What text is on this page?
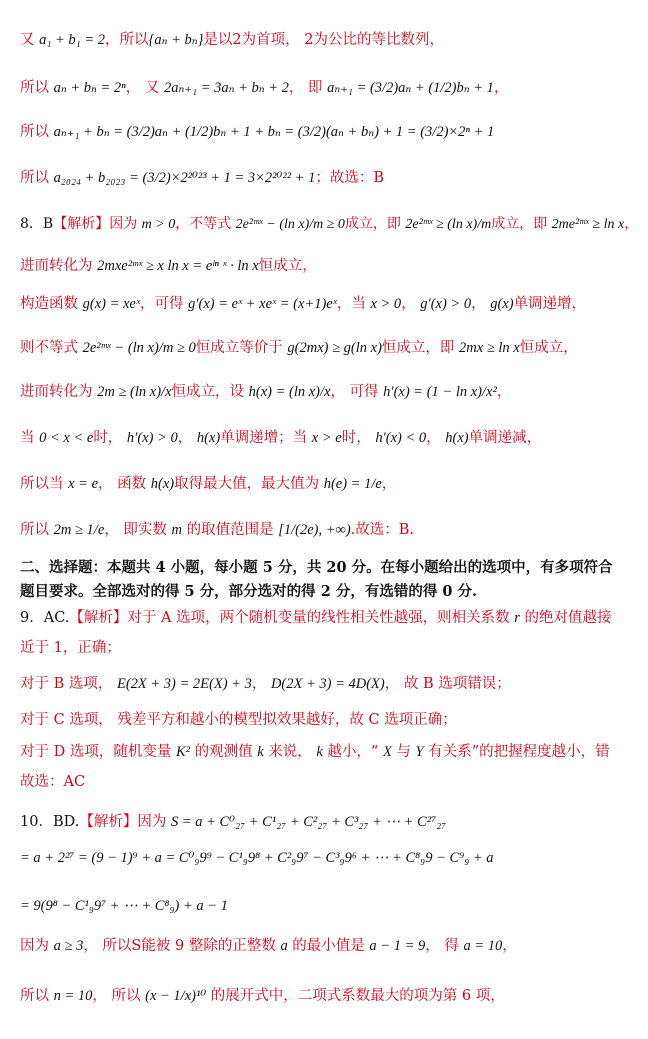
又 a₁ + b₁ = 2，所以{aₙ + bₙ}是以2为首项， 2为公比的等比数列，
所以 aₙ + bₙ = 2ⁿ， 又 2aₙ₊₁ = 3aₙ + bₙ + 2， 即 aₙ₊₁ = (3/2)aₙ + (1/2)bₙ + 1，
所以 aₙ₊₁ + bₙ = (3/2)aₙ + (1/2)bₙ + 1 + bₙ = (3/2)(aₙ + bₙ) + 1 = (3/2)×2ⁿ + 1
所以 a₂₀₂₄ + b₂₀₂₃ = (3/2)×2²⁰²³ + 1 = 3×2²⁰²² + 1；故选：B
8．B【解析】因为 m > 0，不等式 2e²ᵐˣ − (ln x)/m ≥ 0成立，即 2e²ᵐˣ ≥ (ln x)/m成立，即 2me²ᵐˣ ≥ ln x，
进而转化为 2mxe²ᵐˣ ≥ x ln x = eˡⁿ ˣ · ln x恒成立，
构造函数 g(x) = xeˣ，可得 g′(x) = eˣ + xeˣ = (x+1)eˣ，当 x > 0， g′(x) > 0， g(x)单调递增，
则不等式 2e²ᵐˣ − (ln x)/m ≥ 0恒成立等价于 g(2mx) ≥ g(ln x)恒成立，即 2mx ≥ ln x恒成立，
进而转化为 2m ≥ (ln x)/x恒成立，设 h(x) = (ln x)/x， 可得 h′(x) = (1 − ln x)/x²，
当 0 < x < e时， h′(x) > 0， h(x)单调递增；当 x > e时， h′(x) < 0， h(x)单调递减，
所以当 x = e， 函数 h(x)取得最大值，最大值为 h(e) = 1/e，
所以 2m ≥ 1/e， 即实数 m 的取值范围是 [1/(2e), +∞).故选：B.
二、选择题：本题共 4 小题，每小题 5 分，共 20 分。在每小题给出的选项中，有多项符合
题目要求。全部选对的得 5 分，部分选对的得 2 分，有选错的得 0 分.
9．AC.【解析】对于 A 选项，两个随机变量的线性相关性越强，则相关系数 r 的绝对值越接
近于 1，正确；
对于 B 选项， E(2X + 3) = 2E(X) + 3， D(2X + 3) = 4D(X)， 故 B 选项错误；
对于 C 选项， 残差平方和越小的模型拟效果越好，故 C 选项正确；
对于 D 选项，随机变量 K² 的观测值 k 来说， k 越小，“ X 与 Y 有关系”的把握程度越小，错
故选：AC
10．BD.【解析】因为 S = a + C⁰₂₇ + C¹₂₇ + C²₂₇ + C³₂₇ + ⋯ + C²⁷₂₇
= a + 2²⁷ = (9 − 1)⁹ + a = C⁰₉9⁹ − C¹₉9⁸ + C²₉9⁷ − C³₉9⁶ + ⋯ + C⁸₉9 − C⁹₉ + a
= 9(9⁸ − C¹₉9⁷ + ⋯ + C⁸₉) + a − 1
因为 a ≥ 3， 所以S能被 9 整除的正整数 a 的最小值是 a − 1 = 9， 得 a = 10，
所以 n = 10， 所以 (x − 1/x)¹⁰ 的展开式中，二项式系数最大的项为第 6 项，
